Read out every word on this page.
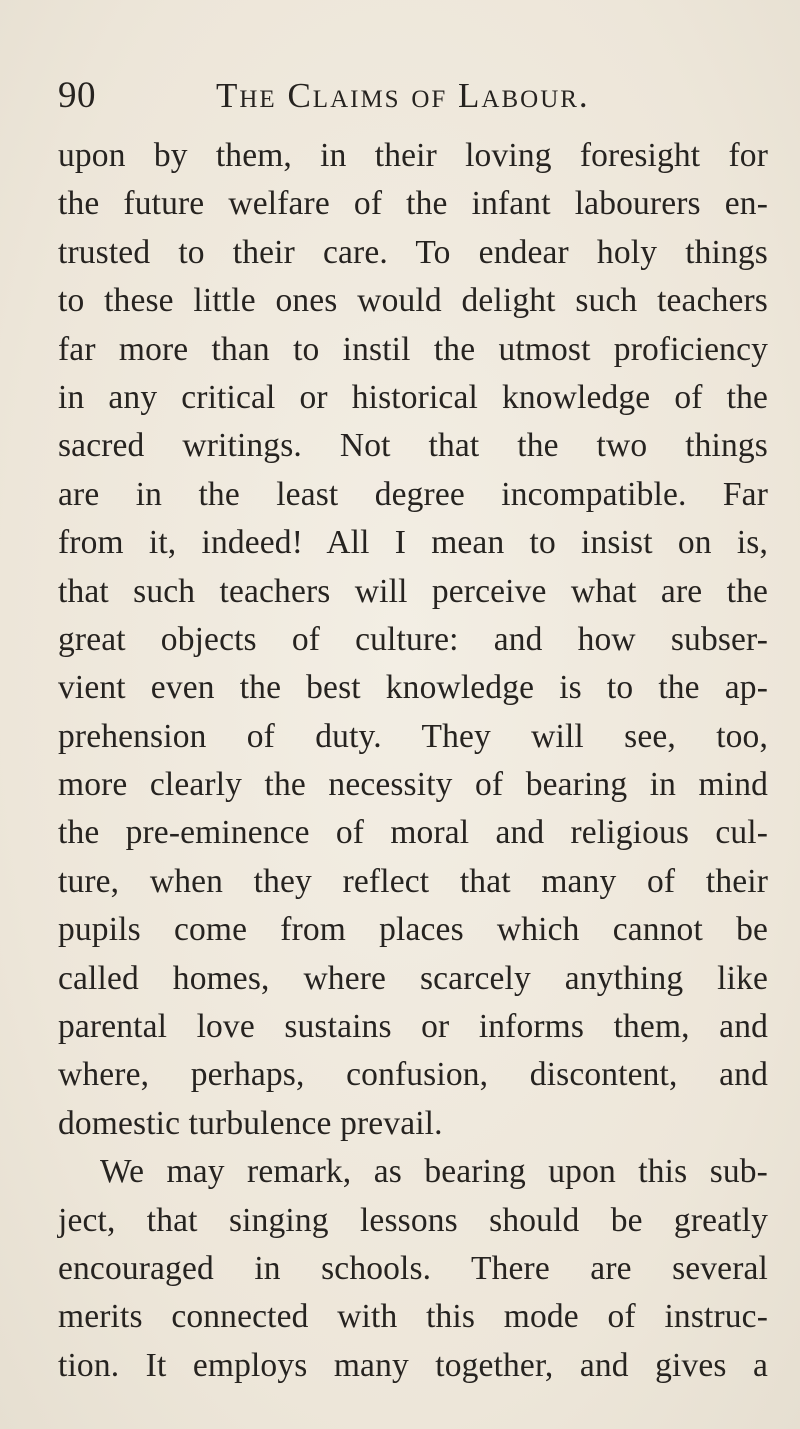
90	The Claims of Labour.
upon by them, in their loving foresight for
the future welfare of the infant labourers en-
trusted to their care. To endear holy things
to these little ones would delight such teachers
far more than to instil the utmost proficiency
in any critical or historical knowledge of the
sacred writings. Not that the two things
are in the least degree incompatible. Far
from it, indeed! All I mean to insist on is,
that such teachers will perceive what are the
great objects of culture: and how subser-
vient even the best knowledge is to the ap-
prehension of duty. They will see, too,
more clearly the necessity of bearing in mind
the pre-eminence of moral and religious cul-
ture, when they reflect that many of their
pupils come from places which cannot be
called homes, where scarcely anything like
parental love sustains or informs them, and
where, perhaps, confusion, discontent, and
domestic turbulence prevail.
We may remark, as bearing upon this sub-
ject, that singing lessons should be greatly
encouraged in schools. There are several
merits connected with this mode of instruc-
tion. It employs many together, and gives a
